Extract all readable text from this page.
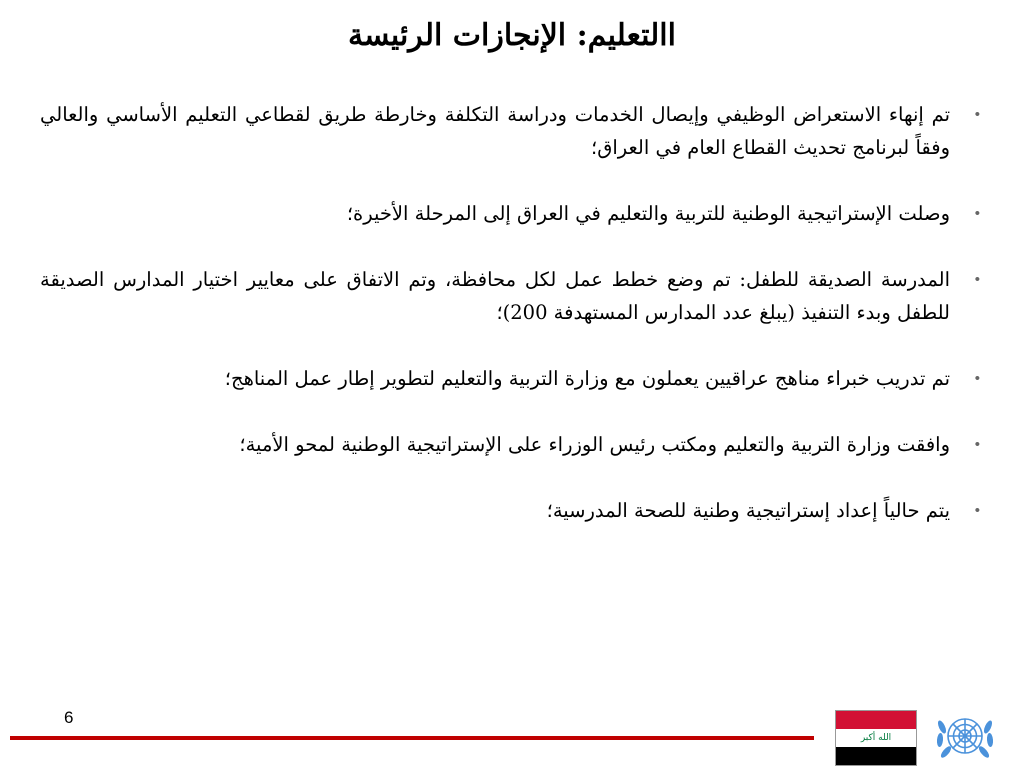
االتعليم: الإنجازات الرئيسة
•
تم إنهاء الاستعراض الوظيفي وإيصال الخدمات ودراسة التكلفة وخارطة طريق لقطاعي التعليم الأساسي والعالي وفقاً لبرنامج تحديث القطاع العام في العراق؛
•
وصلت الإستراتيجية الوطنية للتربية والتعليم في العراق إلى المرحلة الأخيرة؛
•
المدرسة الصديقة للطفل: تم وضع خطط عمل لكل محافظة، وتم الاتفاق على معايير اختيار المدارس الصديقة للطفل وبدء التنفيذ (يبلغ عدد المدارس المستهدفة 200)؛
•
تم تدريب خبراء مناهج عراقيين يعملون مع وزارة التربية والتعليم لتطوير إطار عمل المناهج؛
•
وافقت وزارة التربية والتعليم ومكتب رئيس الوزراء على الإستراتيجية الوطنية لمحو الأمية؛
•
يتم حالياً إعداد إستراتيجية وطنية للصحة المدرسية؛
6
الله أكبر
